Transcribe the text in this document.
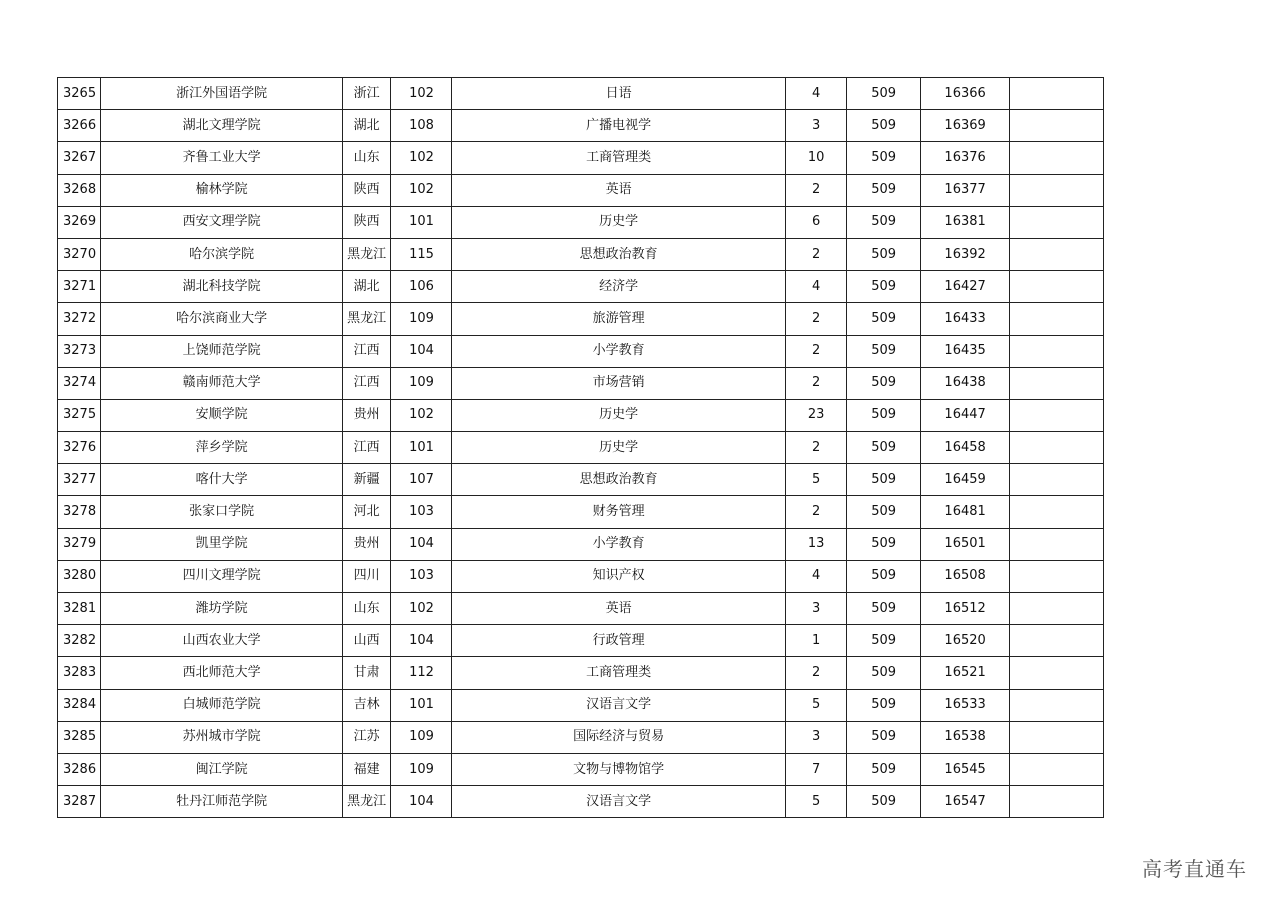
3265	浙江外国语学院	浙江	102	日语	4	509	16366	
3266	湖北文理学院	湖北	108	广播电视学	3	509	16369	
3267	齐鲁工业大学	山东	102	工商管理类	10	509	16376	
3268	榆林学院	陕西	102	英语	2	509	16377	
3269	西安文理学院	陕西	101	历史学	6	509	16381	
3270	哈尔滨学院	黑龙江	115	思想政治教育	2	509	16392	
3271	湖北科技学院	湖北	106	经济学	4	509	16427	
3272	哈尔滨商业大学	黑龙江	109	旅游管理	2	509	16433	
3273	上饶师范学院	江西	104	小学教育	2	509	16435	
3274	赣南师范大学	江西	109	市场营销	2	509	16438	
3275	安顺学院	贵州	102	历史学	23	509	16447	
3276	萍乡学院	江西	101	历史学	2	509	16458	
3277	喀什大学	新疆	107	思想政治教育	5	509	16459	
3278	张家口学院	河北	103	财务管理	2	509	16481	
3279	凯里学院	贵州	104	小学教育	13	509	16501	
3280	四川文理学院	四川	103	知识产权	4	509	16508	
3281	潍坊学院	山东	102	英语	3	509	16512	
3282	山西农业大学	山西	104	行政管理	1	509	16520	
3283	西北师范大学	甘肃	112	工商管理类	2	509	16521	
3284	白城师范学院	吉林	101	汉语言文学	5	509	16533	
3285	苏州城市学院	江苏	109	国际经济与贸易	3	509	16538	
3286	闽江学院	福建	109	文物与博物馆学	7	509	16545	
3287	牡丹江师范学院	黑龙江	104	汉语言文学	5	509	16547	
高考直通车
